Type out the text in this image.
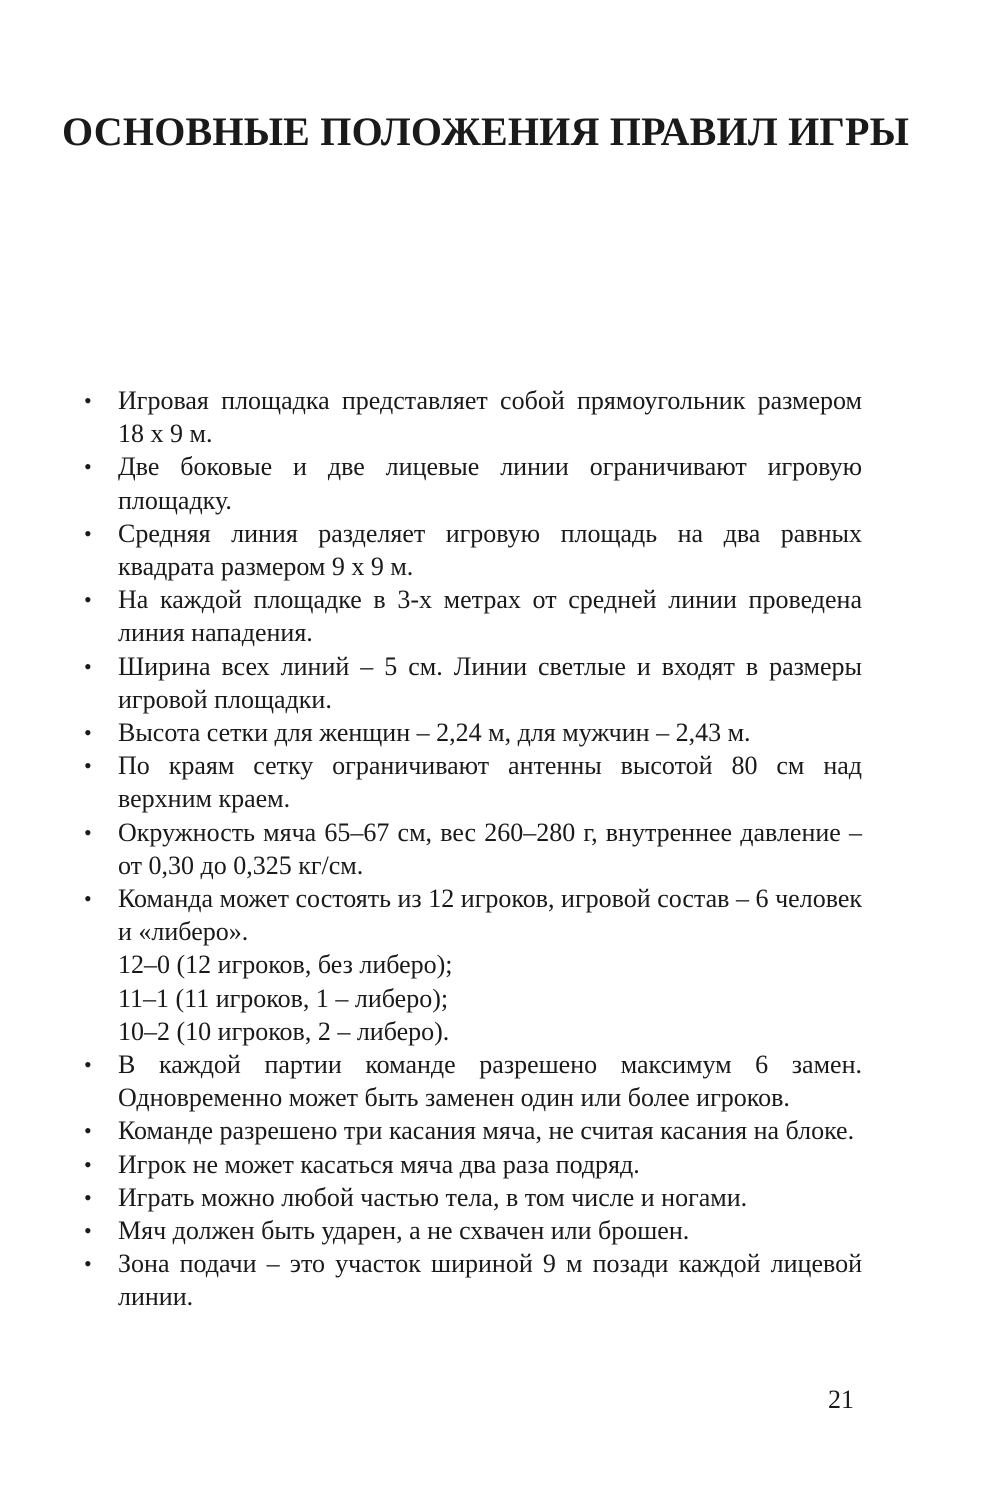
ОСНОВНЫЕ ПОЛОЖЕНИЯ ПРАВИЛ ИГРЫ
• Игровая площадка представляет собой прямоугольник размером 18 х 9 м.
• Две боковые и две лицевые линии ограничивают игровую площадку.
• Средняя линия разделяет игровую площадь на два равных квадрата размером 9 х 9 м.
• На каждой площадке в 3-х метрах от средней линии проведена линия нападения.
• Ширина всех линий – 5 см. Линии светлые и входят в размеры игровой площадки.
• Высота сетки для женщин – 2,24 м, для мужчин – 2,43 м.
• По краям сетку ограничивают антенны высотой 80 см над верхним краем.
• Окружность мяча 65–67 см, вес 260–280 г, внутреннее давление – от 0,30 до 0,325 кг/см.
• Команда может состоять из 12 игроков, игровой состав – 6 человек и «либеро».
12–0 (12 игроков, без либеро);
11–1 (11 игроков, 1 – либеро);
10–2 (10 игроков, 2 – либеро).
• В каждой партии команде разрешено максимум 6 замен. Одновременно может быть заменен один или более игроков.
• Команде разрешено три касания мяча, не считая касания на блоке.
• Игрок не может касаться мяча два раза подряд.
• Играть можно любой частью тела, в том числе и ногами.
• Мяч должен быть ударен, а не схвачен или брошен.
• Зона подачи – это участок шириной 9 м позади каждой лицевой линии.
21
